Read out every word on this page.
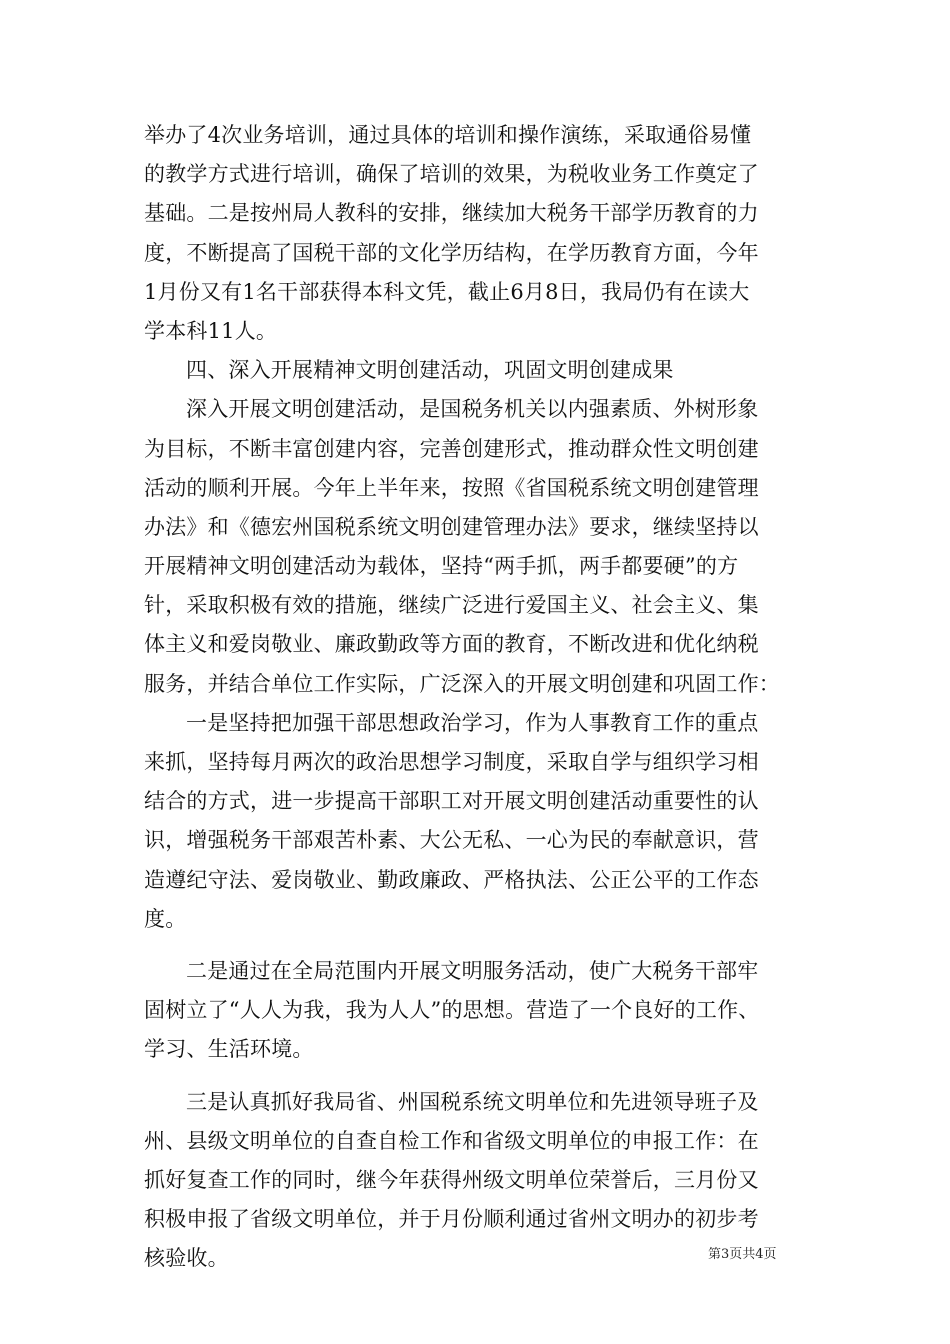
举办了4次业务培训，通过具体的培训和操作演练，采取通俗易懂
的教学方式进行培训，确保了培训的效果，为税收业务工作奠定了
基础。二是按州局人教科的安排，继续加大税务干部学历教育的力
度，不断提高了国税干部的文化学历结构，在学历教育方面，今年
1月份又有1名干部获得本科文凭，截止6月8日，我局仍有在读大
学本科11人。
四、深入开展精神文明创建活动，巩固文明创建成果
深入开展文明创建活动，是国税务机关以内强素质、外树形象
为目标，不断丰富创建内容，完善创建形式，推动群众性文明创建
活动的顺利开展。今年上半年来，按照《省国税系统文明创建管理
办法》和《德宏州国税系统文明创建管理办法》要求，继续坚持以
开展精神文明创建活动为载体，坚持“两手抓，两手都要硬”的方
针，采取积极有效的措施，继续广泛进行爱国主义、社会主义、集
体主义和爱岗敬业、廉政勤政等方面的教育，不断改进和优化纳税
服务，并结合单位工作实际，广泛深入的开展文明创建和巩固工作：
一是坚持把加强干部思想政治学习，作为人事教育工作的重点
来抓，坚持每月两次的政治思想学习制度，采取自学与组织学习相
结合的方式，进一步提高干部职工对开展文明创建活动重要性的认
识，增强税务干部艰苦朴素、大公无私、一心为民的奉献意识，营
造遵纪守法、爱岗敬业、勤政廉政、严格执法、公正公平的工作态
度。
二是通过在全局范围内开展文明服务活动，使广大税务干部牢
固树立了“人人为我，我为人人”的思想。营造了一个良好的工作、
学习、生活环境。
三是认真抓好我局省、州国税系统文明单位和先进领导班子及
州、县级文明单位的自查自检工作和省级文明单位的申报工作：在
抓好复查工作的同时，继今年获得州级文明单位荣誉后，三月份又
积极申报了省级文明单位，并于月份顺利通过省州文明办的初步考
核验收。	第3页共4页
